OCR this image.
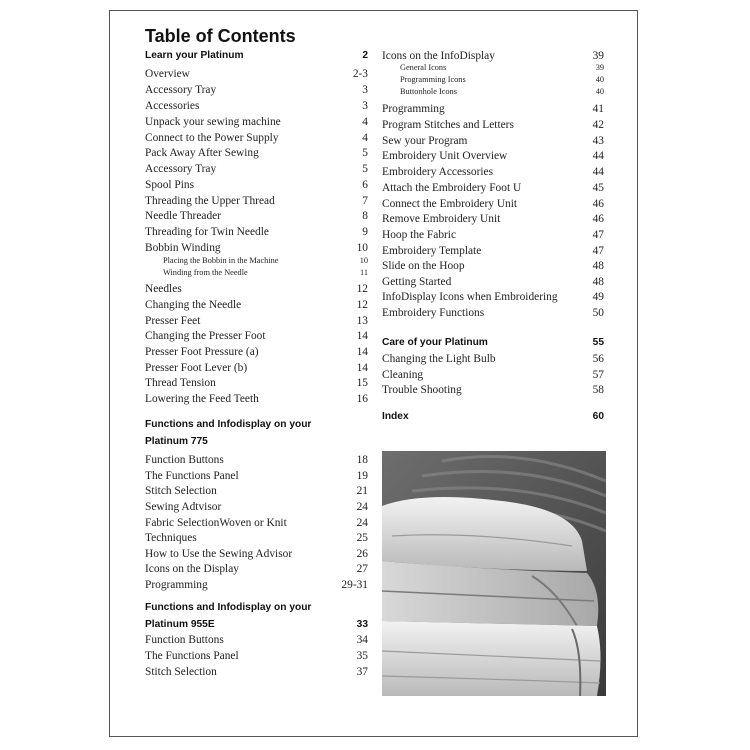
Table of Contents
Learn your Platinum	2
Overview	2-3
Accessory Tray	3
Accessories	3
Unpack your sewing machine	4
Connect to the Power Supply	4
Pack Away After Sewing	5
Accessory Tray	5
Spool Pins	6
Threading the Upper Thread	7
Needle Threader	8
Threading for Twin Needle	9
Bobbin Winding	10
Placing the Bobbin in the Machine	10
Winding from the Needle	11
Needles	12
Changing the Needle	12
Presser Feet	13
Changing the Presser Foot	14
Presser Foot Pressure (a)	14
Presser Foot Lever (b)	14
Thread Tension	15
Lowering the Feed Teeth	16
Functions and Infodisplay on your
Platinum 775
Function Buttons	18
The Functions Panel	19
Stitch Selection	21
Sewing Adtvisor	24
Fabric SelectionWoven or Knit	24
Techniques	25
How to Use the Sewing Advisor	26
Icons on the Display	27
Programming	29-31
Functions and Infodisplay on your
Platinum 955E	33
Function Buttons	34
The Functions Panel	35
Stitch Selection	37
Icons on the InfoDisplay	39
General Icons	39
Programming Icons	40
Buttonhole Icons	40
Programming	41
Program Stitches and Letters	42
Sew your Program	43
Embroidery Unit Overview	44
Embroidery Accessories	44
Attach the Embroidery Foot U	45
Connect the Embroidery Unit	46
Remove Embroidery Unit	46
Hoop the Fabric	47
Embroidery Template	47
Slide on the Hoop	48
Getting Started	48
InfoDisplay Icons when Embroidering	49
Embroidery Functions	50
Care of your Platinum	55
Changing the Light Bulb	56
Cleaning	57
Trouble Shooting	58
Index	60
